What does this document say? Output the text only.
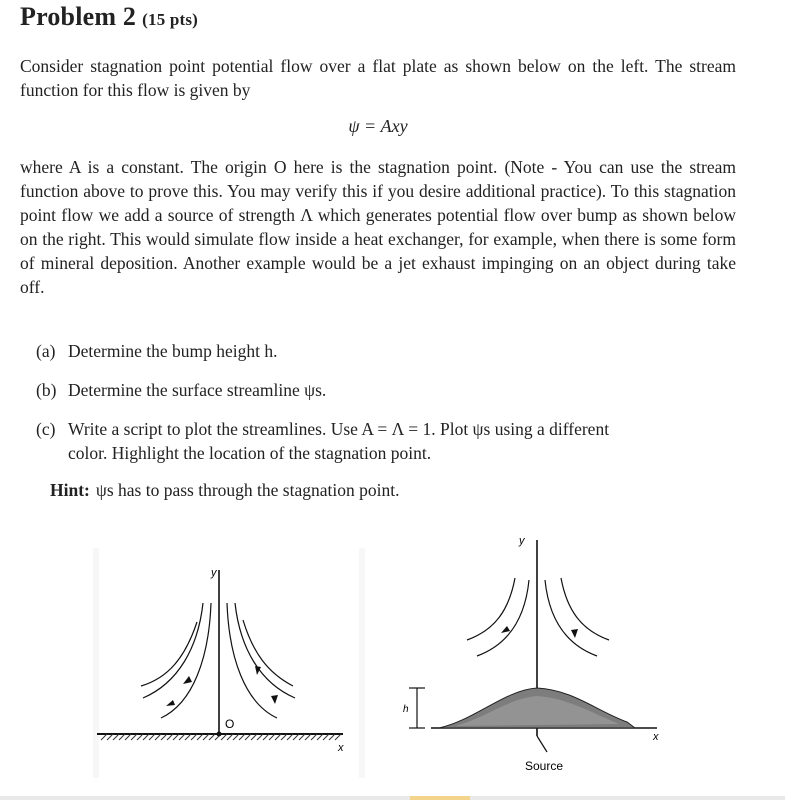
Problem 2 (15 pts)
Consider stagnation point potential flow over a flat plate as shown below on the left. The stream function for this flow is given by
ψ = Axy
where A is a constant. The origin O here is the stagnation point. (Note - You can use the stream function above to prove this. You may verify this if you desire additional practice). To this stagnation point flow we add a source of strength Λ which generates potential flow over bump as shown below on the right. This would simulate flow inside a heat exchanger, for example, when there is some form of mineral deposition. Another example would be a jet exhaust impinging on an object during take off.
(a) Determine the bump height h.
(b) Determine the surface streamline ψs.
(c) Write a script to plot the streamlines. Use A = Λ = 1. Plot ψs using a different
color. Highlight the location of the stagnation point.
Hint: ψs has to pass through the stagnation point.
y
x
O
y
x
h
Source
